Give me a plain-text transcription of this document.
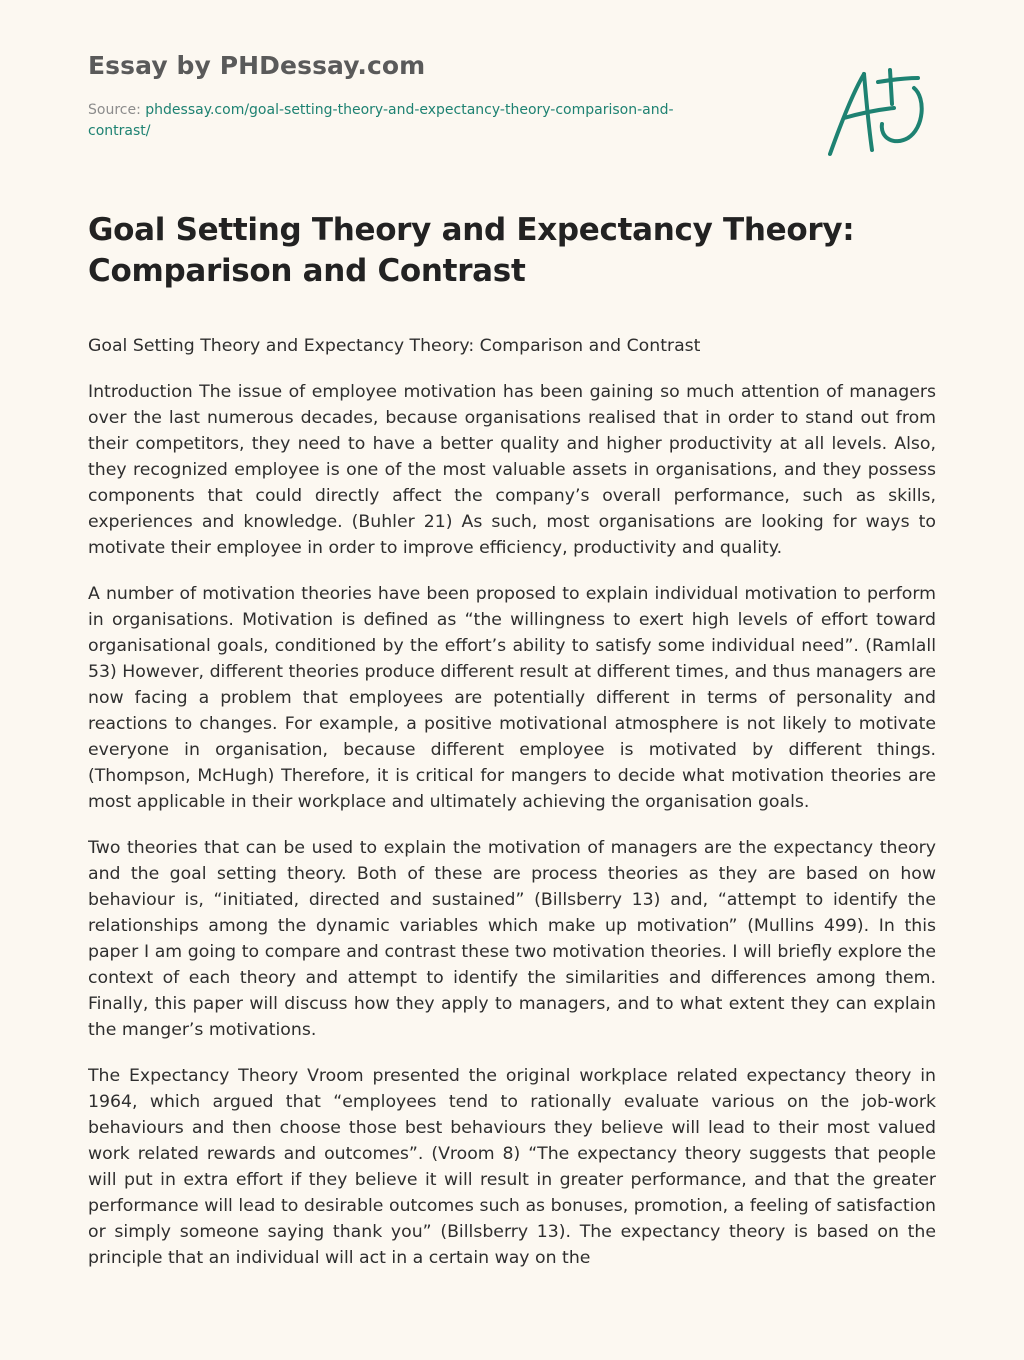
Essay by PHDessay.com
Source: phdessay.com/goal-setting-theory-and-expectancy-theory-comparison-and-contrast/
Goal Setting Theory and Expectancy Theory: Comparison and Contrast

Goal Setting Theory and Expectancy Theory: Comparison and Contrast

Introduction The issue of employee motivation has been gaining so much attention of managers over the last numerous decades, because organisations realised that in order to stand out from their competitors, they need to have a better quality and higher productivity at all levels. Also, they recognized employee is one of the most valuable assets in organisations, and they possess components that could directly affect the company’s overall performance, such as skills, experiences and knowledge. (Buhler 21) As such, most organisations are looking for ways to motivate their employee in order to improve efficiency, productivity and quality.

A number of motivation theories have been proposed to explain individual motivation to perform in organisations. Motivation is defined as “the willingness to exert high levels of effort toward organisational goals, conditioned by the effort’s ability to satisfy some individual need”. (Ramlall 53) However, different theories produce different result at different times, and thus managers are now facing a problem that employees are potentially different in terms of personality and reactions to changes. For example, a positive motivational atmosphere is not likely to motivate everyone in organisation, because different employee is motivated by different things. (Thompson, McHugh) Therefore, it is critical for mangers to decide what motivation theories are most applicable in their workplace and ultimately achieving the organisation goals.

Two theories that can be used to explain the motivation of managers are the expectancy theory and the goal setting theory. Both of these are process theories as they are based on how behaviour is, “initiated, directed and sustained” (Billsberry 13) and, “attempt to identify the relationships among the dynamic variables which make up motivation” (Mullins 499). In this paper I am going to compare and contrast these two motivation theories. I will briefly explore the context of each theory and attempt to identify the similarities and differences among them. Finally, this paper will discuss how they apply to managers, and to what extent they can explain the manger’s motivations.

The Expectancy Theory Vroom presented the original workplace related expectancy theory in 1964, which argued that “employees tend to rationally evaluate various on the job-work behaviours and then choose those best behaviours they believe will lead to their most valued work related rewards and outcomes”. (Vroom 8) “The expectancy theory suggests that people will put in extra effort if they believe it will result in greater performance, and that the greater performance will lead to desirable outcomes such as bonuses, promotion, a feeling of satisfaction or simply someone saying thank you” (Billsberry 13). The expectancy theory is based on the principle that an individual will act in a certain way on the
